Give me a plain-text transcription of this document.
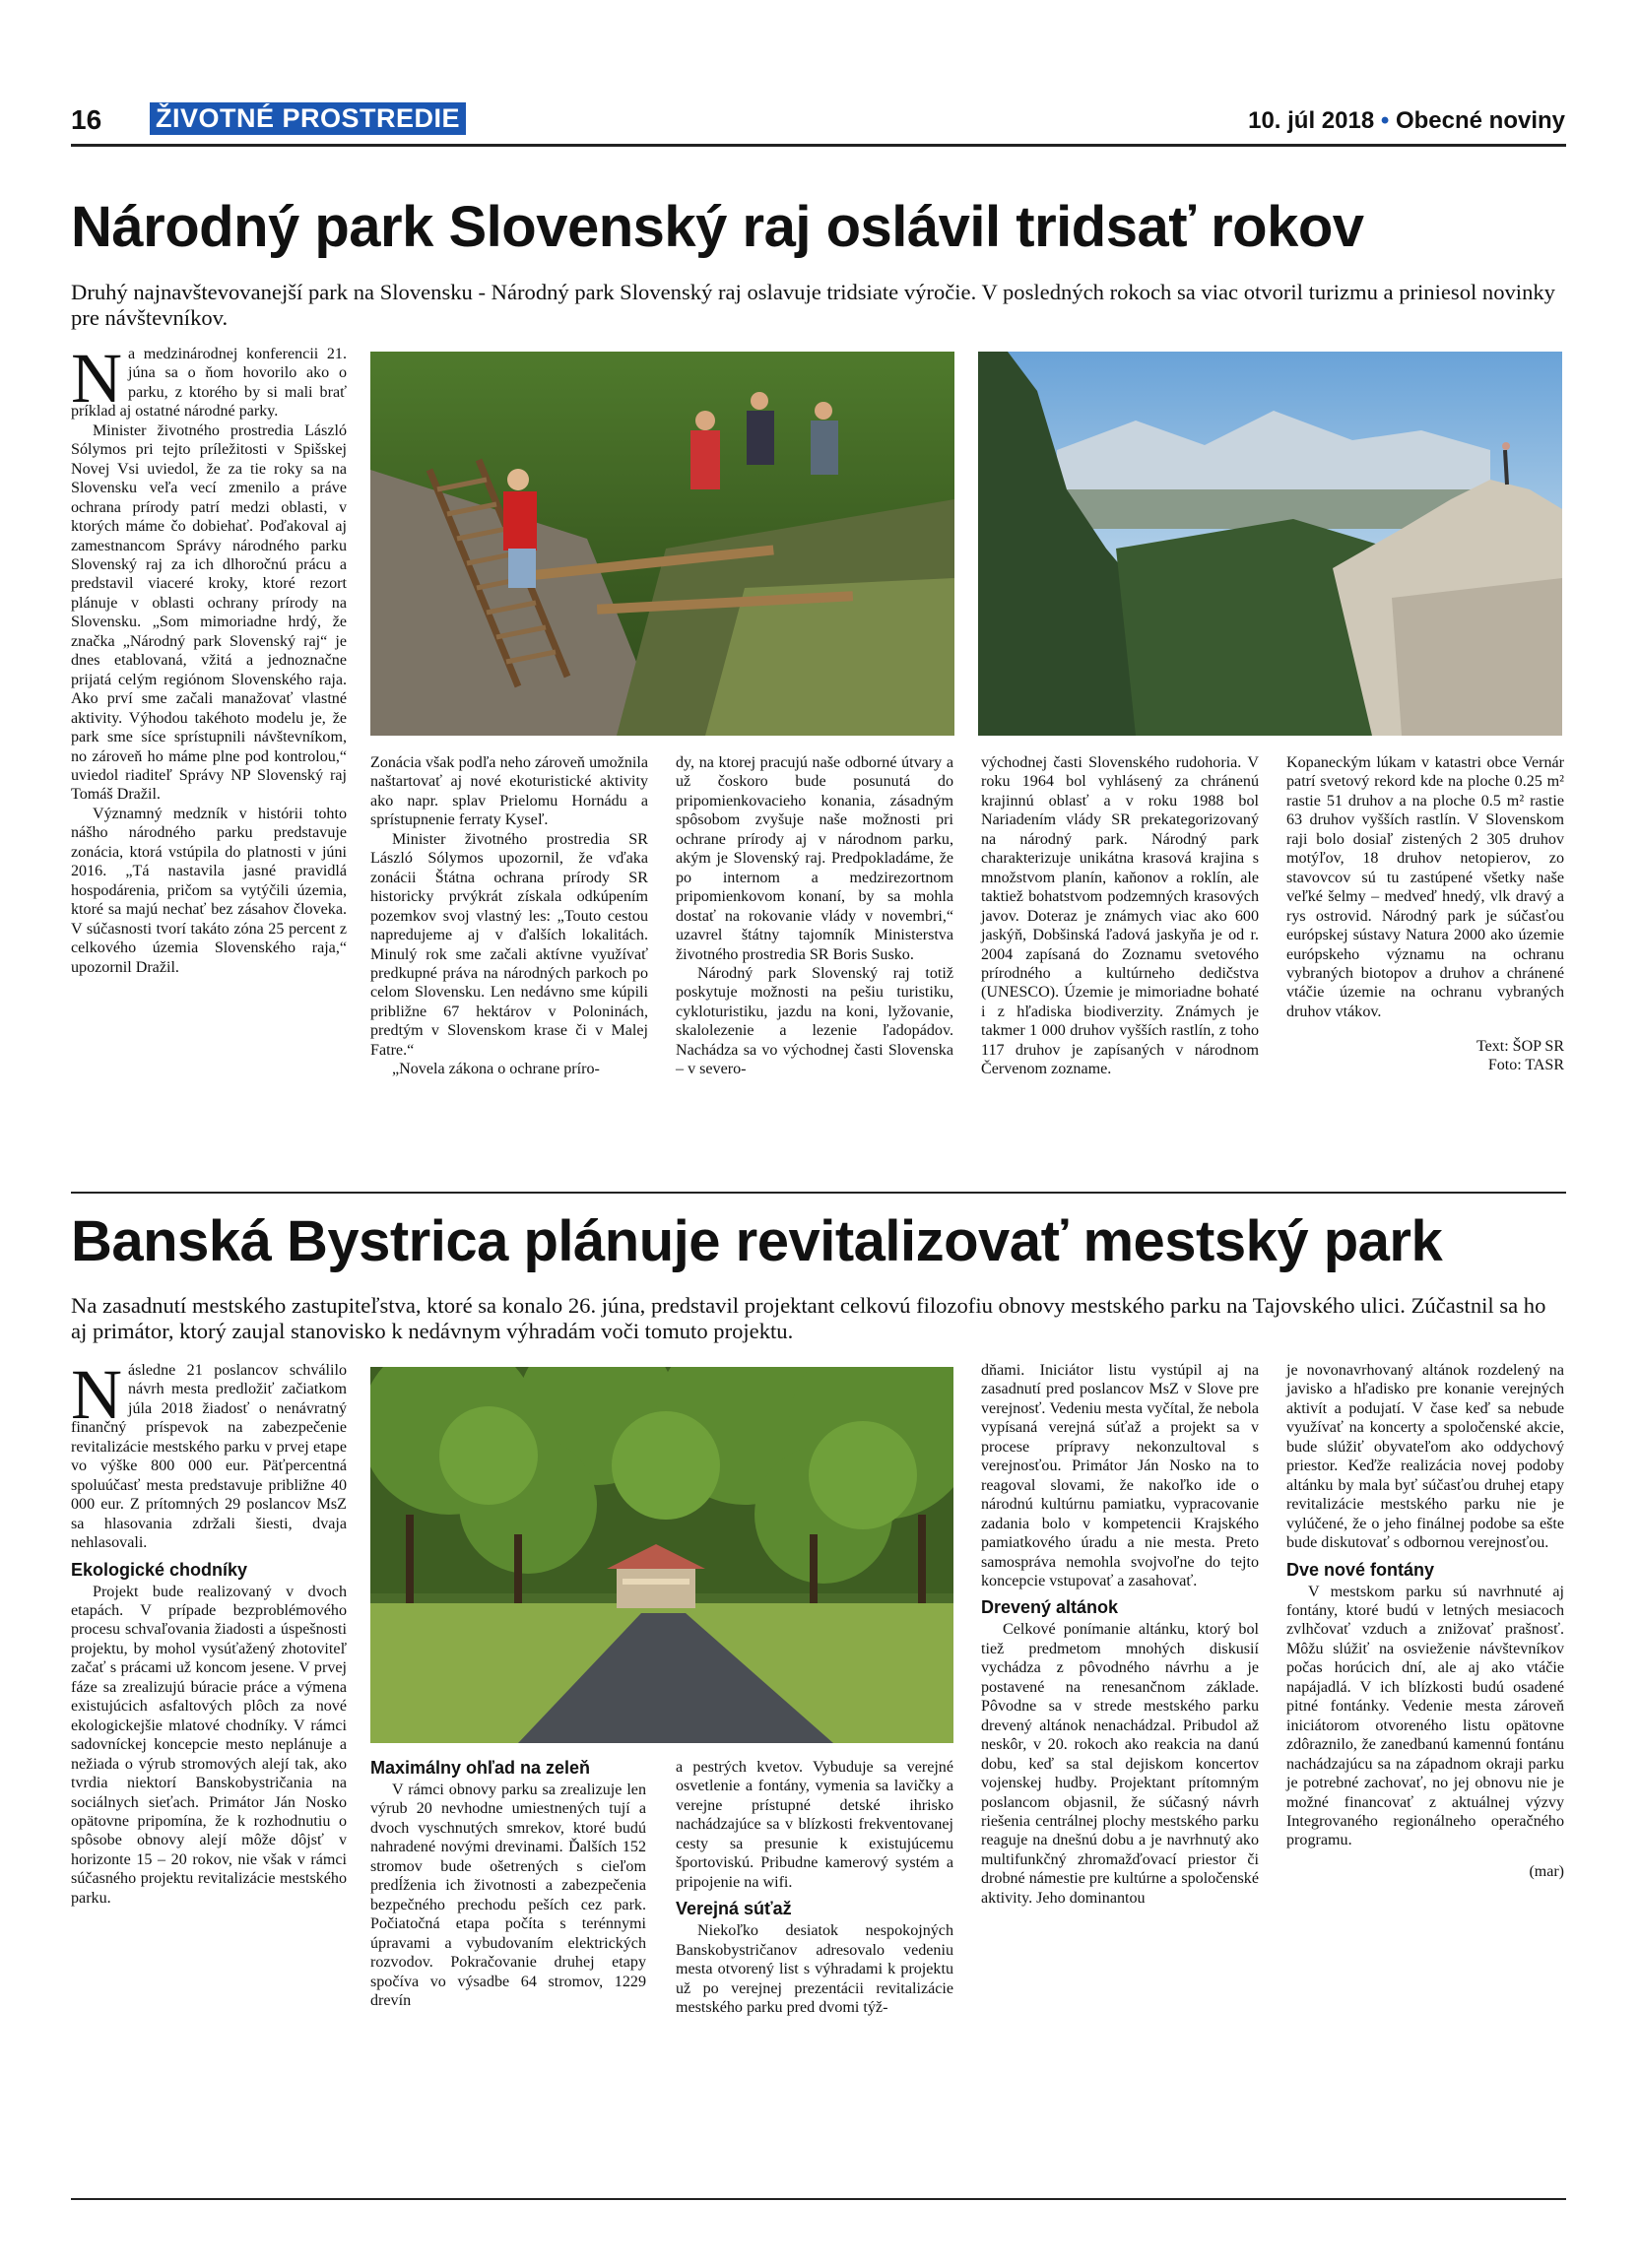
16 ŽIVOTNÉ PROSTREDIE	10. júl 2018 • Obecné noviny
Národný park Slovenský raj oslávil tridsať rokov
Druhý najnavštevovanejší park na Slovensku - Národný park Slovenský raj oslavuje tridsiate výročie. V posledných rokoch sa viac otvoril turizmu a priniesol novinky pre návštevníkov.

Na medzinárodnej konferencii 21. júna sa o ňom hovorilo ako o parku, z ktorého by si mali brať príklad aj ostatné národné parky.

Minister životného prostredia László Sólymos pri tejto príležitosti v Spišskej Novej Vsi uviedol, že za tie roky sa na Slovensku veľa vecí zmenilo a práve ochrana prírody patrí medzi oblasti, v ktorých máme čo dobiehať. Poďakoval aj zamestnancom Správy národného parku Slovenský raj za ich dlhoročnú prácu a predstavil viaceré kroky, ktoré rezort plánuje v oblasti ochrany prírody na Slovensku. „Som mimoriadne hrdý, že značka „Národný park Slovenský raj“ je dnes etablovaná, vžitá a jednoznačne prijatá celým regiónom Slovenského raja. Ako prví sme začali manažovať vlastné aktivity. Výhodou takéhoto modelu je, že park sme síce sprístupnili návštevníkom, no zároveň ho máme plne pod kontrolou,“ uviedol riaditeľ Správy NP Slovenský raj Tomáš Dražil.

Významný medzník v histórii tohto nášho národného parku predstavuje zonácia, ktorá vstúpila do platnosti v júni 2016. „Tá nastavila jasné pravidlá hospodárenia, pričom sa vytýčili územia, ktoré sa majú nechať bez zásahov človeka. V súčasnosti tvorí takáto zóna 25 percent z celkového územia Slovenského raja,“ upozornil Dražil.

Zonácia však podľa neho zároveň umožnila naštartovať aj nové ekoturistické aktivity ako napr. splav Prielomu Hornádu a sprístupnenie ferraty Kyseľ.

Minister životného prostredia SR László Sólymos upozornil, že vďaka zonácii Štátna ochrana prírody SR historicky prvýkrát získala odkúpením pozemkov svoj vlastný les: „Touto cestou napredujeme aj v ďalších lokalitách. Minulý rok sme začali aktívne využívať predkupné práva na národných parkoch po celom Slovensku. Len nedávno sme kúpili približne 67 hektárov v Poloninách, predtým v Slovenskom krase či v Malej Fatre.“

„Novela zákona o ochrane príro-

dy, na ktorej pracujú naše odborné útvary a už čoskoro bude posunutá do pripomienkovacieho konania, zásadným spôsobom zvyšuje naše možnosti pri ochrane prírody aj v národnom parku, akým je Slovenský raj. Predpokladáme, že po internom a medzirezortnom pripomienkovom konaní, by sa mohla dostať na rokovanie vlády v novembri,“ uzavrel štátny tajomník Ministerstva životného prostredia SR Boris Susko.

Národný park Slovenský raj totiž poskytuje možnosti na pešiu turistiku, cykloturistiku, jazdu na koni, lyžovanie, skalolezenie a lezenie ľadopádov. Nachádza sa vo východnej časti Slovenska – v severo-

východnej časti Slovenského rudohoria. V roku 1964 bol vyhlásený za chránenú krajinnú oblasť a v roku 1988 bol Nariadením vlády SR prekategorizovaný na národný park. Národný park charakterizuje unikátna krasová krajina s množstvom planín, kaňonov a roklín, ale taktiež bohatstvom podzemných krasových javov. Doteraz je známych viac ako 600 jaskýň, Dobšinská ľadová jaskyňa je od r. 2004 zapísaná do Zoznamu svetového prírodného a kultúrneho dedičstva (UNESCO). Územie je mimoriadne bohaté i z hľadiska biodiverzity. Známych je takmer 1 000 druhov vyšších rastlín, z toho 117 druhov je zapísaných v národnom Červenom zozname.

Kopaneckým lúkam v katastri obce Vernár patrí svetový rekord kde na ploche 0.25 m² rastie 51 druhov a na ploche 0.5 m² rastie 63 druhov vyšších rastlín. V Slovenskom raji bolo dosiaľ zistených 2 305 druhov motýľov, 18 druhov netopierov, zo stavovcov sú tu zastúpené všetky naše veľké šelmy – medveď hnedý, vlk dravý a rys ostrovid. Národný park je súčasťou európskej sústavy Natura 2000 ako územie európskeho významu na ochranu vybraných biotopov a druhov a chránené vtáčie územie na ochranu vybraných druhov vtákov.

Text: ŠOP SR
Foto: TASR
Banská Bystrica plánuje revitalizovať mestský park
Na zasadnutí mestského zastupiteľstva, ktoré sa konalo 26. júna, predstavil projektant celkovú filozofiu obnovy mestského parku na Tajovského ulici. Zúčastnil sa ho aj primátor, ktorý zaujal stanovisko k nedávnym výhradám voči tomuto projektu.

Následne 21 poslancov schválilo návrh mesta predložiť začiatkom júla 2018 žiadosť o nenávratný finančný príspevok na zabezpečenie revitalizácie mestského parku v prvej etape vo výške 800 000 eur. Päťpercentná spoluúčasť mesta predstavuje približne 40 000 eur. Z prítomných 29 poslancov MsZ sa hlasovania zdržali šiesti, dvaja nehlasovali.

Ekologické chodníky

Projekt bude realizovaný v dvoch etapách. V prípade bezproblémového procesu schvaľovania žiadosti a úspešnosti projektu, by mohol vysúťažený zhotoviteľ začať s prácami už koncom jesene. V prvej fáze sa zrealizujú búracie práce a výmena existujúcich asfaltových plôch za nové ekologickejšie mlatové chodníky. V rámci sadovníckej koncepcie mesto neplánuje a nežiada o výrub stromových alejí tak, ako tvrdia niektorí Banskobystričania na sociálnych sieťach. Primátor Ján Nosko opätovne pripomína, že k rozhodnutiu o spôsobe obnovy alejí môže dôjsť v horizonte 15 – 20 rokov, nie však v rámci súčasného projektu revitalizácie mestského parku.

Maximálny ohľad na zeleň

V rámci obnovy parku sa zrealizuje len výrub 20 nevhodne umiestnených tují a dvoch vyschnutých smrekov, ktoré budú nahradené novými drevinami. Ďalších 152 stromov bude ošetrených s cieľom predĺženia ich životnosti a zabezpečenia bezpečného prechodu peších cez park. Počiatočná etapa počíta s terénnymi úpravami a vybudovaním elektrických rozvodov. Pokračovanie druhej etapy spočíva vo výsadbe 64 stromov, 1229 drevín

a pestrých kvetov. Vybuduje sa verejné osvetlenie a fontány, vymenia sa lavičky a verejne prístupné detské ihrisko nachádzajúce sa v blízkosti frekventovanej cesty sa presunie k existujúcemu športoviskú. Pribudne kamerový systém a pripojenie na wifi.

Verejná súťaž

Niekoľko desiatok nespokojných Banskobystričanov adresovalo vedeniu mesta otvorený list s výhradami k projektu už po verejnej prezentácii revitalizácie mestského parku pred dvomi týž-

dňami. Iniciátor listu vystúpil aj na zasadnutí pred poslancov MsZ v Slove pre verejnosť. Vedeniu mesta vyčítal, že nebola vypísaná verejná súťaž a projekt sa v procese prípravy nekonzultoval s verejnosťou. Primátor Ján Nosko na to reagoval slovami, že nakoľko ide o národnú kultúrnu pamiatku, vypracovanie zadania bolo v kompetencii Krajského pamiatkového úradu a nie mesta. Preto samospráva nemohla svojvoľne do tejto koncepcie vstupovať a zasahovať.

Drevený altánok

Celkové ponímanie altánku, ktorý bol tiež predmetom mnohých diskusií vychádza z pôvodného návrhu a je postavené na renesančnom základe. Pôvodne sa v strede mestského parku drevený altánok nenachádzal. Pribudol až neskôr, v 20. rokoch ako reakcia na danú dobu, keď sa stal dejiskom koncertov vojenskej hudby. Projektant prítomným poslancom objasnil, že súčasný návrh riešenia centrálnej plochy mestského parku reaguje na dnešnú dobu a je navrhnutý ako multifunkčný zhromažďovací priestor či drobné námestie pre kultúrne a spoločenské aktivity. Jeho dominantou

je novonavrhovaný altánok rozdelený na javisko a hľadisko pre konanie verejných aktivít a podujatí. V čase keď sa nebude využívať na koncerty a spoločenské akcie, bude slúžiť obyvateľom ako oddychový priestor. Keďže realizácia novej podoby altánku by mala byť súčasťou druhej etapy revitalizácie mestského parku nie je vylúčené, že o jeho finálnej podobe sa ešte bude diskutovať s odbornou verejnosťou.

Dve nové fontány

V mestskom parku sú navrhnuté aj fontány, ktoré budú v letných mesiacoch zvlhčovať vzduch a znižovať prašnosť. Môžu slúžiť na osvieženie návštevníkov počas horúcich dní, ale aj ako vtáčie napájadlá. V ich blízkosti budú osadené pitné fontánky. Vedenie mesta zároveň iniciátorom otvoreného listu opätovne zdôraznilo, že zanedbanú kamennú fontánu nachádzajúcu sa na západnom okraji parku je potrebné zachovať, no jej obnovu nie je možné financovať z aktuálnej výzvy Integrovaného regionálneho operačného programu.

(mar)
